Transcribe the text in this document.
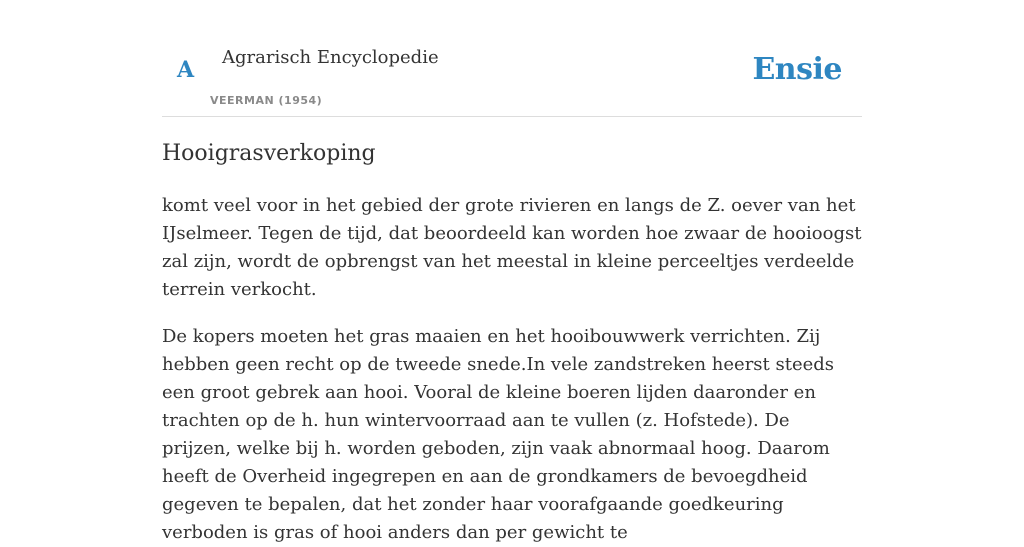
A Agrarisch Encyclopedie
VEERMAN (1954)
Ensie
Hooigrasverkoping

komt veel voor in het gebied der grote rivieren en langs de Z. oever van het IJselmeer. Tegen de tijd, dat beoordeeld kan worden hoe zwaar de hooioogst zal zijn, wordt de opbrengst van het meestal in kleine perceeltjes verdeelde terrein verkocht.

De kopers moeten het gras maaien en het hooibouwwerk verrichten. Zij hebben geen recht op de tweede snede.In vele zandstreken heerst steeds een groot gebrek aan hooi. Vooral de kleine boeren lijden daaronder en trachten op de h. hun wintervoorraad aan te vullen (z. Hofstede). De prijzen, welke bij h. worden geboden, zijn vaak abnormaal hoog. Daarom heeft de Overheid ingegrepen en aan de grondkamers de bevoegdheid gegeven te bepalen, dat het zonder haar voorafgaande goedkeuring verboden is gras of hooi anders dan per gewicht te
